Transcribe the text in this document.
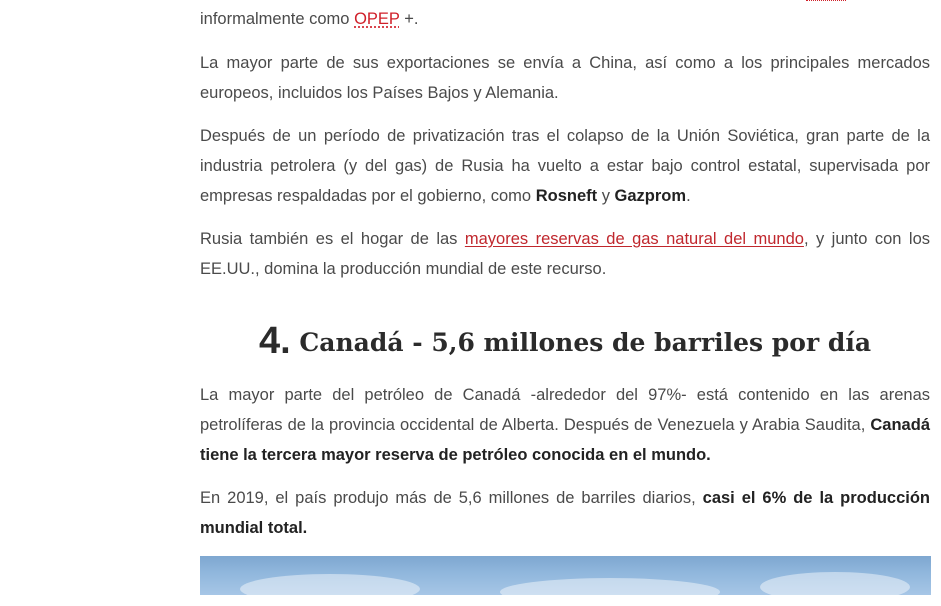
informalmente como OPEP +.

La mayor parte de sus exportaciones se envía a China, así como a los principales mercados europeos, incluidos los Países Bajos y Alemania.

Después de un período de privatización tras el colapso de la Unión Soviética, gran parte de la industria petrolera (y del gas) de Rusia ha vuelto a estar bajo control estatal, supervisada por empresas respaldadas por el gobierno, como Rosneft y Gazprom.

Rusia también es el hogar de las mayores reservas de gas natural del mundo, y junto con los EE.UU., domina la producción mundial de este recurso.

4. Canadá - 5,6 millones de barriles por día

La mayor parte del petróleo de Canadá -alrededor del 97%- está contenido en las arenas petrolíferas de la provincia occidental de Alberta. Después de Venezuela y Arabia Saudita, Canadá tiene la tercera mayor reserva de petróleo conocida en el mundo.

En 2019, el país produjo más de 5,6 millones de barriles diarios, casi el 6% de la producción mundial total.
